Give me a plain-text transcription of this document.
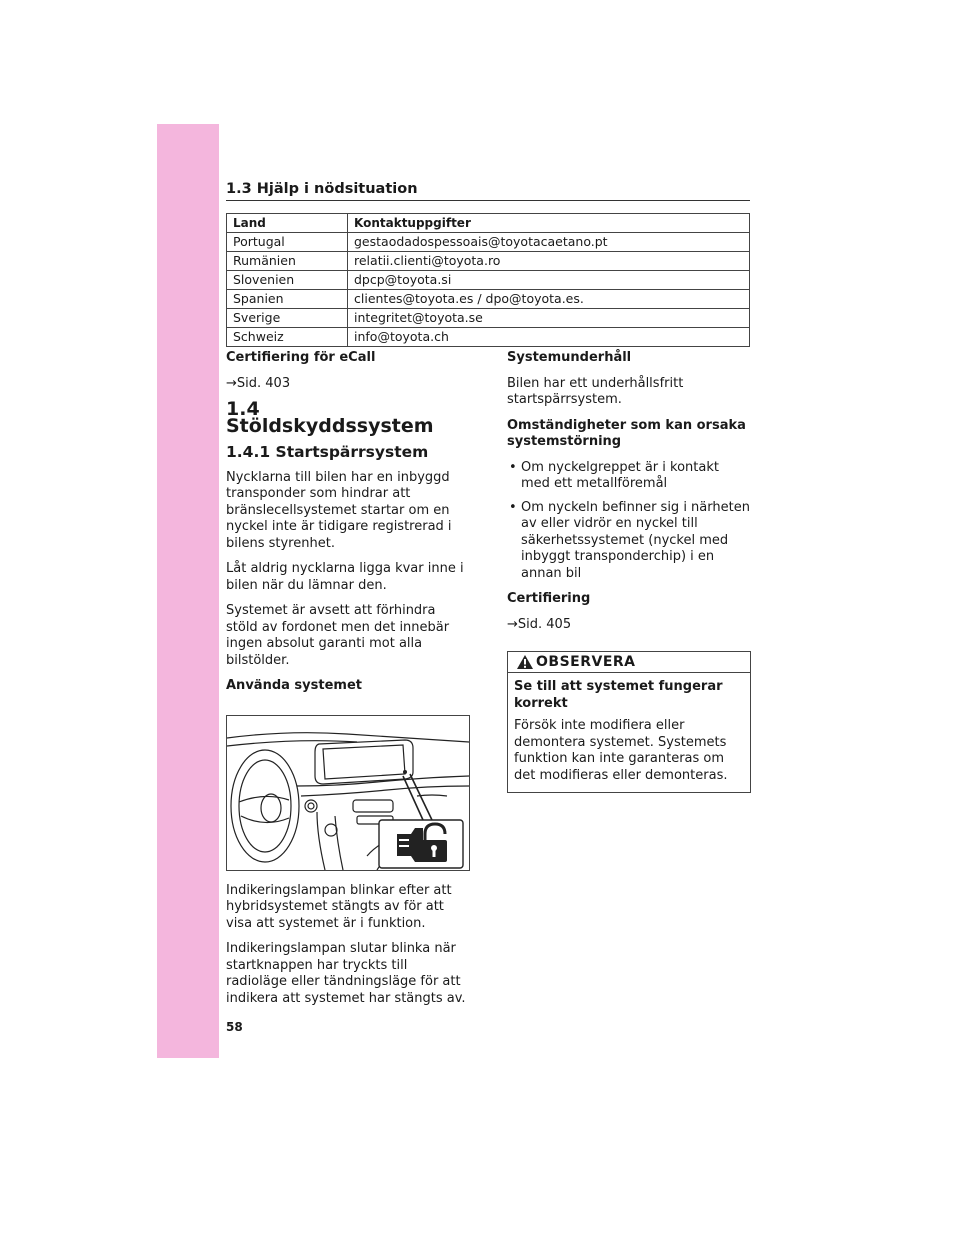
1.3 Hjälp i nödsituation
Land	Kontaktuppgifter
Portugal	gestaodadospessoais@toyotacaetano.pt
Rumänien	relatii.clienti@toyota.ro
Slovenien	dpcp@toyota.si
Spanien	clientes@toyota.es / dpo@toyota.es.
Sverige	integritet@toyota.se
Schweiz	info@toyota.ch

Certifiering för eCall

→Sid. 403

1.4 Stöldskyddssystem
1.4.1 Startspärrsystem

Nycklarna till bilen har en inbyggd transponder som hindrar att bränslecellsystemet startar om en nyckel inte är tidigare registrerad i bilens styrenhet.

Låt aldrig nycklarna ligga kvar inne i bilen när du lämnar den.

Systemet är avsett att förhindra stöld av fordonet men det innebär ingen absolut garanti mot alla bilstölder.

Använda systemet

Indikeringslampan blinkar efter att hybridsystemet stängts av för att visa att systemet är i funktion.

Indikeringslampan slutar blinka när startknappen har tryckts till radioläge eller tändningsläge för att indikera att systemet har stängts av.

Systemunderhåll

Bilen har ett underhållsfritt startspärrsystem.

Omständigheter som kan orsaka systemstörning

• Om nyckelgreppet är i kontakt med ett metallföremål
• Om nyckeln befinner sig i närheten av eller vidrör en nyckel till säkerhetssystemet (nyckel med inbyggt transponderchip) i en annan bil

Certifiering

→Sid. 405

OBSERVERA

Se till att systemet fungerar korrekt

Försök inte modifiera eller demontera systemet. Systemets funktion kan inte garanteras om det modifieras eller demonteras.

58
